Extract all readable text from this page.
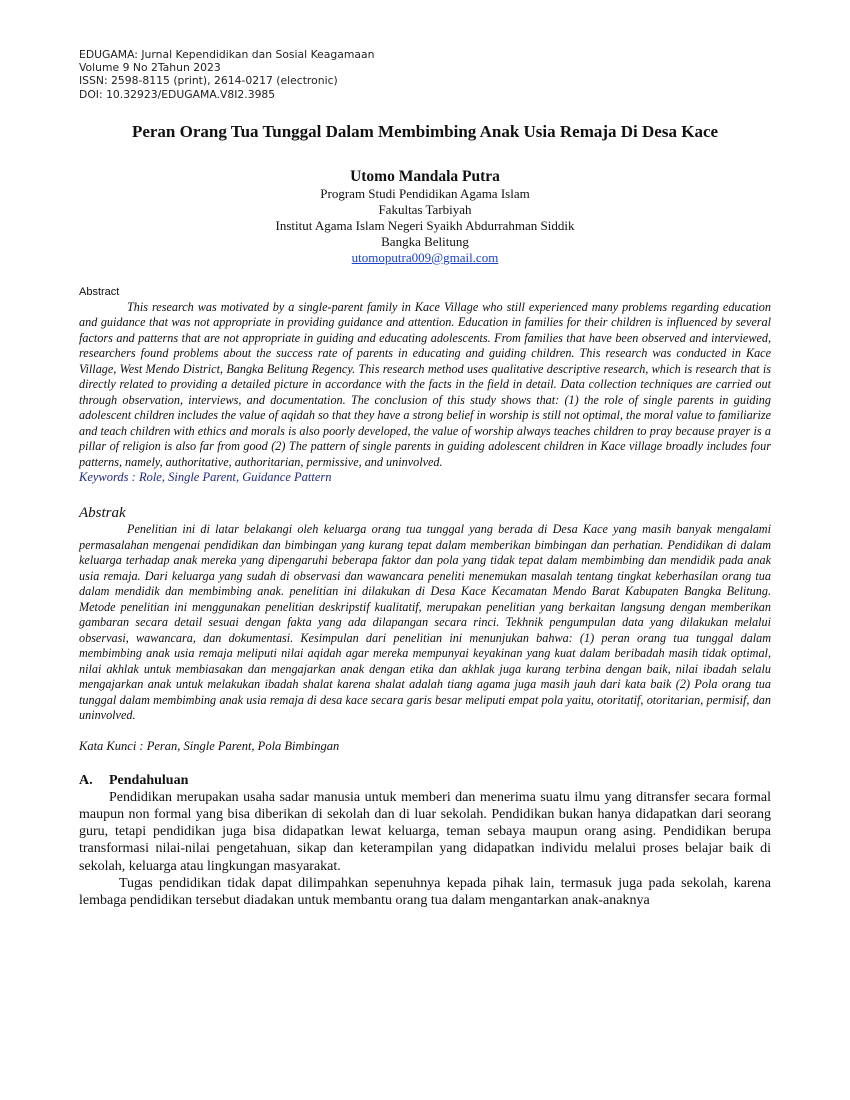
EDUGAMA: Jurnal Kependidikan dan Sosial Keagamaan
Volume 9 No 2Tahun 2023
ISSN: 2598-8115 (print), 2614-0217 (electronic)
DOI: 10.32923/EDUGAMA.V8I2.3985
Peran Orang Tua Tunggal Dalam Membimbing Anak Usia Remaja Di Desa Kace
Utomo Mandala Putra
Program Studi Pendidikan Agama Islam
Fakultas Tarbiyah
Institut Agama Islam Negeri Syaikh Abdurrahman Siddik
Bangka Belitung
utomoputra009@gmail.com
Abstract

This research was motivated by a single-parent family in Kace Village who still experienced many problems regarding education and guidance that was not appropriate in providing guidance and attention. Education in families for their children is influenced by several factors and patterns that are not appropriate in guiding and educating adolescents. From families that have been observed and interviewed, researchers found problems about the success rate of parents in educating and guiding children. This research was conducted in Kace Village, West Mendo District, Bangka Belitung Regency. This research method uses qualitative descriptive research, which is research that is directly related to providing a detailed picture in accordance with the facts in the field in detail. Data collection techniques are carried out through observation, interviews, and documentation. The conclusion of this study shows that: (1) the role of single parents in guiding adolescent children includes the value of aqidah so that they have a strong belief in worship is still not optimal, the moral value to familiarize and teach children with ethics and morals is also poorly developed, the value of worship always teaches children to pray because prayer is a pillar of religion is also far from good (2) The pattern of single parents in guiding adolescent children in Kace village broadly includes four patterns, namely, authoritative, authoritarian, permissive, and uninvolved.

Keywords : Role, Single Parent, Guidance Pattern
Abstrak

Penelitian ini di latar belakangi oleh keluarga orang tua tunggal yang berada di Desa Kace yang masih banyak mengalami permasalahan mengenai pendidikan dan bimbingan yang kurang tepat dalam memberikan bimbingan dan perhatian. Pendidikan di dalam keluarga terhadap anak mereka yang dipengaruhi beberapa faktor dan pola yang tidak tepat dalam membimbing dan mendidik pada anak usia remaja. Dari keluarga yang sudah di observasi dan wawancara peneliti menemukan masalah tentang tingkat keberhasilan orang tua dalam mendidik dan membimbing anak. penelitian ini dilakukan di Desa Kace Kecamatan Mendo Barat Kabupaten Bangka Belitung. Metode penelitian ini menggunakan penelitian deskripstif kualitatif, merupakan penelitian yang berkaitan langsung dengan memberikan gambaran secara detail sesuai dengan fakta yang ada dilapangan secara rinci. Tekhnik pengumpulan data yang dilakukan melalui observasi, wawancara, dan dokumentasi. Kesimpulan dari penelitian ini menunjukan bahwa: (1) peran orang tua tunggal dalam membimbing anak usia remaja meliputi nilai aqidah agar mereka mempunyai keyakinan yang kuat dalam beribadah masih tidak optimal, nilai akhlak untuk membiasakan dan mengajarkan anak dengan etika dan akhlak juga kurang terbina dengan baik, nilai ibadah selalu mengajarkan anak untuk melakukan ibadah shalat karena shalat adalah tiang agama juga masih jauh dari kata baik (2) Pola orang tua tunggal dalam membimbing anak usia remaja di desa kace secara garis besar meliputi empat pola yaitu, otoritatif, otoritarian, permisif, dan uninvolved.

Kata Kunci : Peran, Single Parent, Pola Bimbingan
A.	Pendahuluan

Pendidikan merupakan usaha sadar manusia untuk memberi dan menerima suatu ilmu yang ditransfer secara formal maupun non formal yang bisa diberikan di sekolah dan di luar sekolah. Pendidikan bukan hanya didapatkan dari seorang guru, tetapi pendidikan juga bisa didapatkan lewat keluarga, teman sebaya maupun orang asing. Pendidikan berupa transformasi nilai-nilai pengetahuan, sikap dan keterampilan yang didapatkan individu melalui proses belajar baik di sekolah, keluarga atau lingkungan masyarakat.

Tugas pendidikan tidak dapat dilimpahkan sepenuhnya kepada pihak lain, termasuk juga pada sekolah, karena lembaga pendidikan tersebut diadakan untuk membantu orang tua dalam mengantarkan anak-anaknya
